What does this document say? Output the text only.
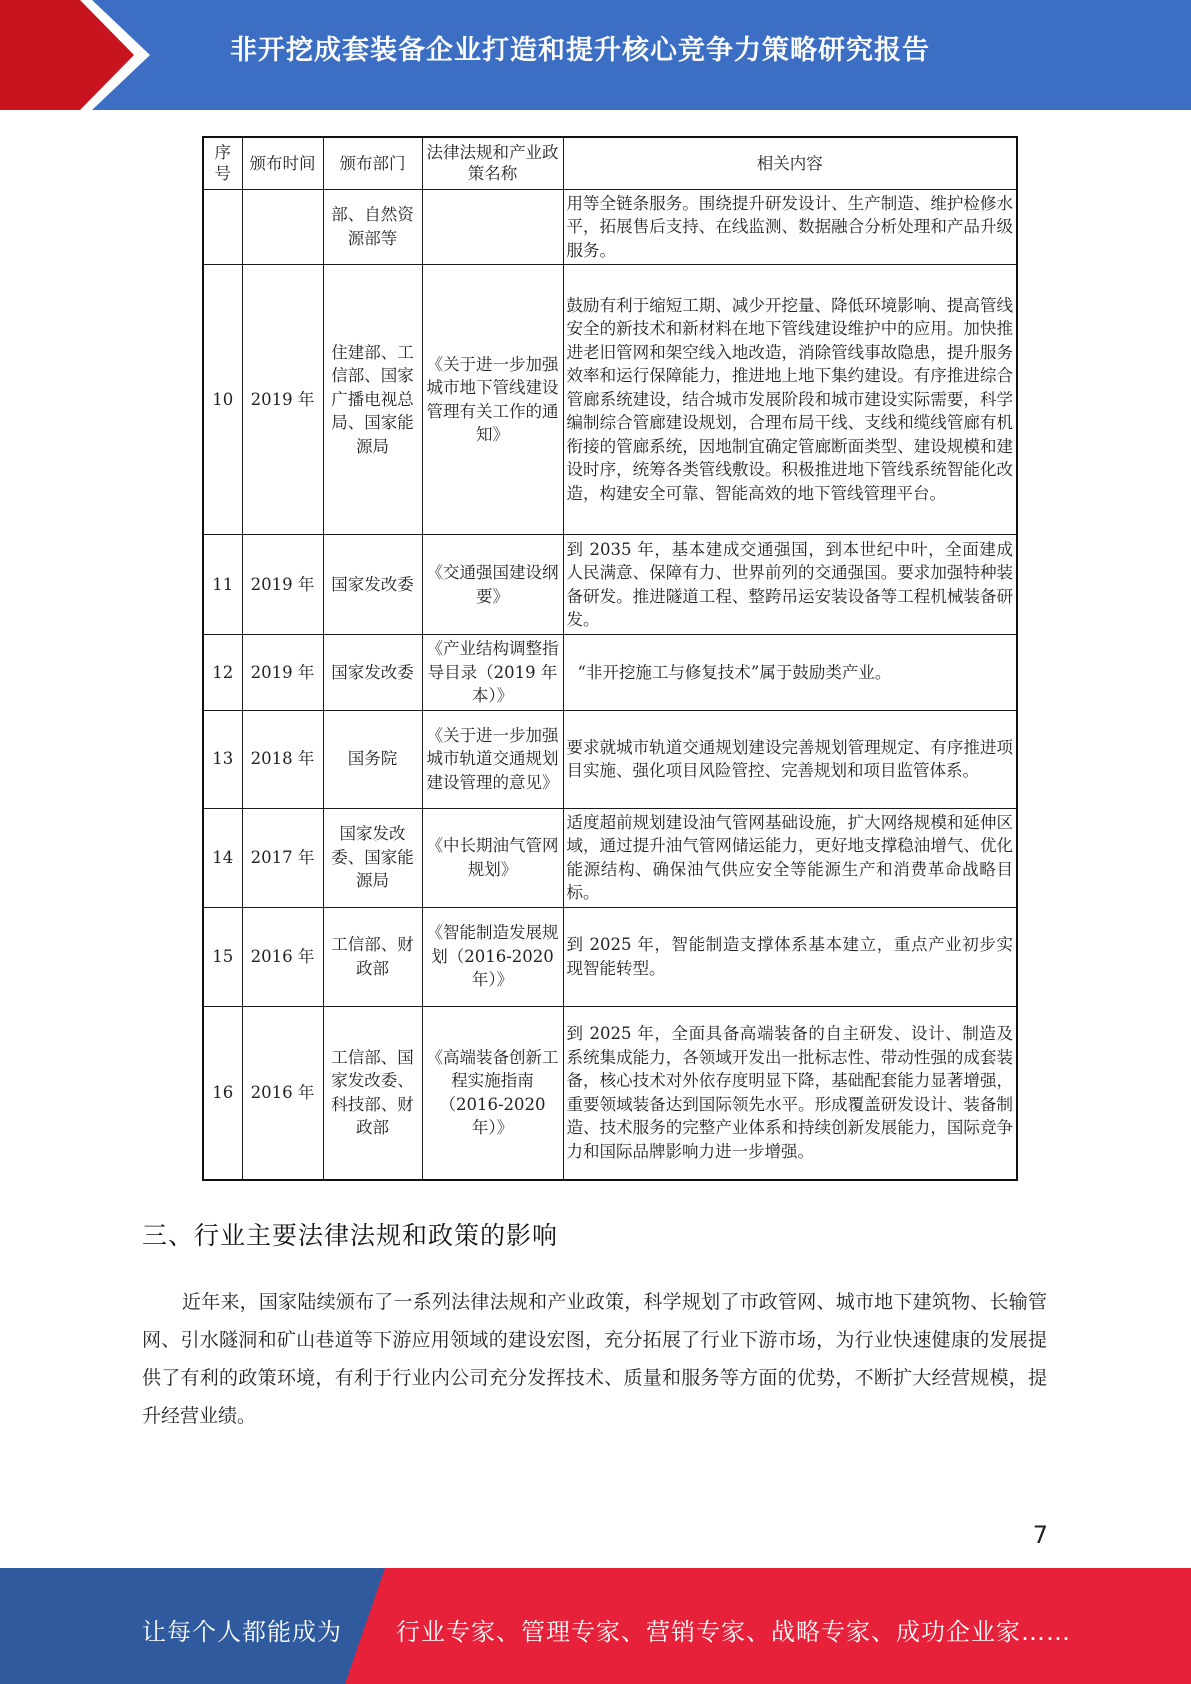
非开挖成套装备企业打造和提升核心竞争力策略研究报告
序号	颁布时间	颁布部门	法律法规和产业政策名称	相关内容
		部、自然资源部等		用等全链条服务。围绕提升研发设计、生产制造、维护检修水平，拓展售后支持、在线监测、数据融合分析处理和产品升级服务。
10	2019 年	住建部、工信部、国家广播电视总局、国家能源局	《关于进一步加强城市地下管线建设管理有关工作的通知》	鼓励有利于缩短工期、减少开挖量、降低环境影响、提高管线安全的新技术和新材料在地下管线建设维护中的应用。加快推进老旧管网和架空线入地改造，消除管线事故隐患，提升服务效率和运行保障能力，推进地上地下集约建设。有序推进综合管廊系统建设，结合城市发展阶段和城市建设实际需要，科学编制综合管廊建设规划，合理布局干线、支线和缆线管廊有机衔接的管廊系统，因地制宜确定管廊断面类型、建设规模和建设时序，统筹各类管线敷设。积极推进地下管线系统智能化改造，构建安全可靠、智能高效的地下管线管理平台。
11	2019 年	国家发改委	《交通强国建设纲要》	到 2035 年，基本建成交通强国，到本世纪中叶，全面建成人民满意、保障有力、世界前列的交通强国。要求加强特种装备研发。推进隧道工程、整跨吊运安装设备等工程机械装备研发。
12	2019 年	国家发改委	《产业结构调整指导目录（2019 年本）》	“非开挖施工与修复技术”属于鼓励类产业。
13	2018 年	国务院	《关于进一步加强城市轨道交通规划建设管理的意见》	要求就城市轨道交通规划建设完善规划管理规定、有序推进项目实施、强化项目风险管控、完善规划和项目监管体系。
14	2017 年	国家发改委、国家能源局	《中长期油气管网规划》	适度超前规划建设油气管网基础设施，扩大网络规模和延伸区域，通过提升油气管网储运能力，更好地支撑稳油增气、优化能源结构、确保油气供应安全等能源生产和消费革命战略目标。
15	2016 年	工信部、财政部	《智能制造发展规划（2016-2020 年）》	到 2025 年，智能制造支撑体系基本建立，重点产业初步实现智能转型。
16	2016 年	工信部、国家发改委、科技部、财政部	《高端装备创新工程实施指南（2016-2020 年）》	到 2025 年，全面具备高端装备的自主研发、设计、制造及系统集成能力，各领域开发出一批标志性、带动性强的成套装备，核心技术对外依存度明显下降，基础配套能力显著增强，重要领域装备达到国际领先水平。形成覆盖研发设计、装备制造、技术服务的完整产业体系和持续创新发展能力，国际竞争力和国际品牌影响力进一步增强。
三、行业主要法律法规和政策的影响
近年来，国家陆续颁布了一系列法律法规和产业政策，科学规划了市政管网、城市地下建筑物、长输管网、引水隧洞和矿山巷道等下游应用领域的建设宏图，充分拓展了行业下游市场，为行业快速健康的发展提供了有利的政策环境，有利于行业内公司充分发挥技术、质量和服务等方面的优势，不断扩大经营规模，提升经营业绩。
7
让每个人都能成为 行业专家、管理专家、营销专家、战略专家、成功企业家……
